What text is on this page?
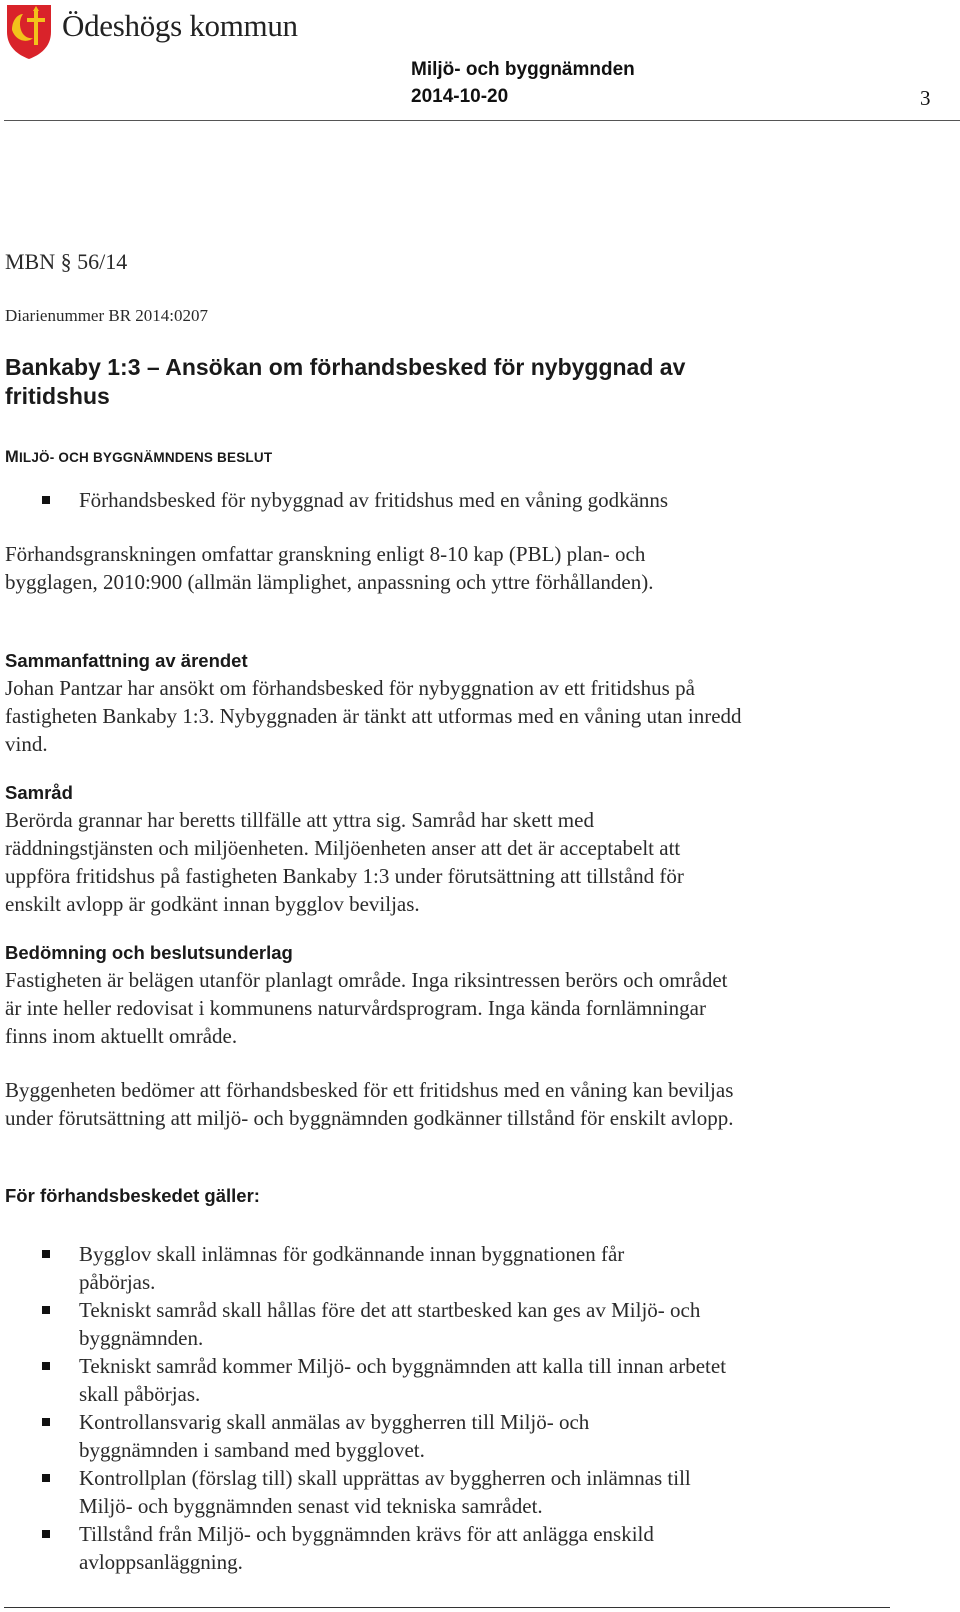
Ödeshögs kommun
Miljö- och byggnämnden
2014-10-20	3
MBN § 56/14
Diarienummer BR 2014:0207
Bankaby 1:3 – Ansökan om förhandsbesked för nybyggnad av fritidshus
MILJÖ- OCH BYGGNÄMNDENS BESLUT
Förhandsbesked för nybyggnad av fritidshus med en våning godkänns

Förhandsgranskningen omfattar granskning enligt 8-10 kap (PBL) plan- och bygglagen, 2010:900 (allmän lämplighet, anpassning och yttre förhållanden).

Sammanfattning av ärendet

Johan Pantzar har ansökt om förhandsbesked för nybyggnation av ett fritidshus på fastigheten Bankaby 1:3. Nybyggnaden är tänkt att utformas med en våning utan inredd vind.

Samråd

Berörda grannar har beretts tillfälle att yttra sig. Samråd har skett med räddningstjänsten och miljöenheten. Miljöenheten anser att det är acceptabelt att uppföra fritidshus på fastigheten Bankaby 1:3 under förutsättning att tillstånd för enskilt avlopp är godkänt innan bygglov beviljas.

Bedömning och beslutsunderlag

Fastigheten är belägen utanför planlagt område. Inga riksintressen berörs och området är inte heller redovisat i kommunens naturvårdsprogram. Inga kända fornlämningar finns inom aktuellt område.

Byggenheten bedömer att förhandsbesked för ett fritidshus med en våning kan beviljas under förutsättning att miljö- och byggnämnden godkänner tillstånd för enskilt avlopp.

För förhandsbeskedet gäller:
Bygglov skall inlämnas för godkännande innan byggnationen får påbörjas.
Tekniskt samråd skall hållas före det att startbesked kan ges av Miljö- och byggnämnden.
Tekniskt samråd kommer Miljö- och byggnämnden att kalla till innan arbetet skall påbörjas.
Kontrollansvarig skall anmälas av byggherren till Miljö- och byggnämnden i samband med bygglovet.
Kontrollplan (förslag till) skall upprättas av byggherren och inlämnas till Miljö- och byggnämnden senast vid tekniska samrådet.
Tillstånd från Miljö- och byggnämnden krävs för att anlägga enskild avloppsanläggning.
